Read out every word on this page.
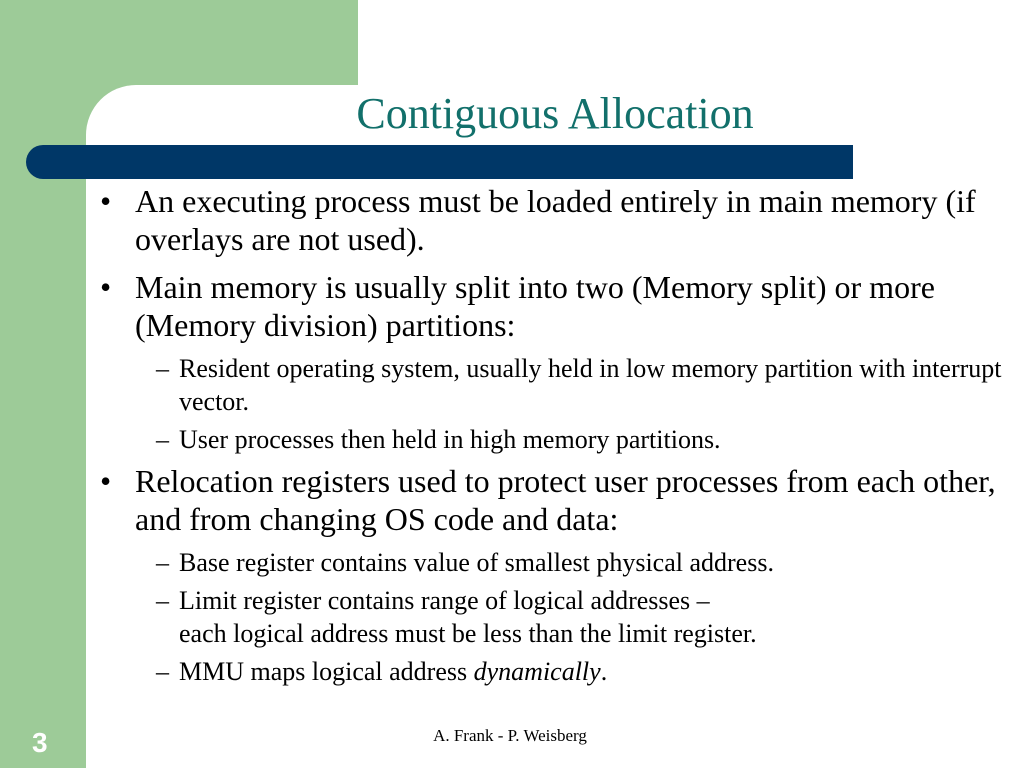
Contiguous Allocation
• An executing process must be loaded entirely in main memory (if overlays are not used).
• Main memory is usually split into two (Memory split) or more (Memory division) partitions:
– Resident operating system, usually held in low memory partition with interrupt vector.
– User processes then held in high memory partitions.
• Relocation registers used to protect user processes from each other, and from changing OS code and data:
– Base register contains value of smallest physical address.
– Limit register contains range of logical addresses –
each logical address must be less than the limit register.
– MMU maps logical address dynamically.
3	A. Frank - P. Weisberg
